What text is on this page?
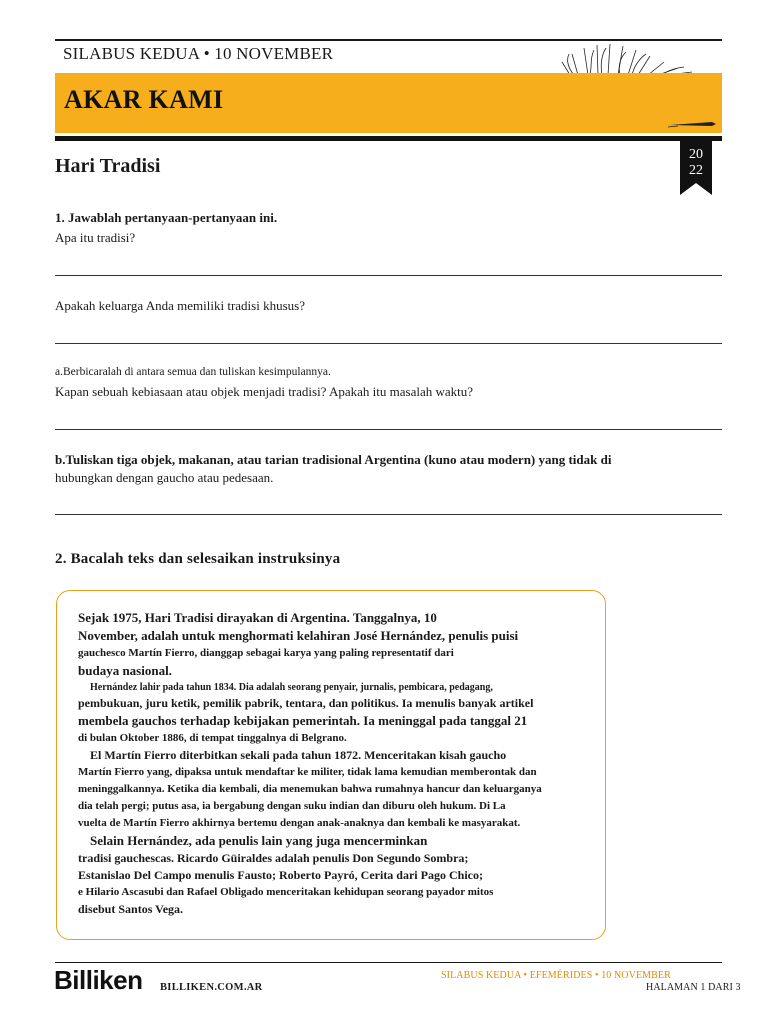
SILABUS KEDUA • 10 NOVEMBER
AKAR KAMI
20
22
Hari Tradisi
1. Jawablah pertanyaan-pertanyaan ini.
Apa itu tradisi?
Apakah keluarga Anda memiliki tradisi khusus?
a.Berbicaralah di antara semua dan tuliskan kesimpulannya.
Kapan sebuah kebiasaan atau objek menjadi tradisi? Apakah itu masalah waktu?
b.Tuliskan tiga objek, makanan, atau tarian tradisional Argentina (kuno atau modern) yang tidak di
hubungkan dengan gaucho atau pedesaan.
2. Bacalah teks dan selesaikan instruksinya
Sejak 1975, Hari Tradisi dirayakan di Argentina. Tanggalnya, 10
November, adalah untuk menghormati kelahiran José Hernández, penulis puisi
gauchesco Martín Fierro, dianggap sebagai karya yang paling representatif dari
budaya nasional.
Hernández lahir pada tahun 1834. Dia adalah seorang penyair, jurnalis, pembicara, pedagang,
pembukuan, juru ketik, pemilik pabrik, tentara, dan politikus. Ia menulis banyak artikel
membela gauchos terhadap kebijakan pemerintah. Ia meninggal pada tanggal 21
di bulan Oktober 1886, di tempat tinggalnya di Belgrano.
El Martín Fierro diterbitkan sekali pada tahun 1872. Menceritakan kisah gaucho
Martín Fierro yang, dipaksa untuk mendaftar ke militer, tidak lama kemudian memberontak dan
meninggalkannya. Ketika dia kembali, dia menemukan bahwa rumahnya hancur dan keluarganya
dia telah pergi; putus asa, ia bergabung dengan suku indian dan diburu oleh hukum. Di La
vuelta de Martín Fierro akhirnya bertemu dengan anak-anaknya dan kembali ke masyarakat.
Selain Hernández, ada penulis lain yang juga mencerminkan
tradisi gauchescas. Ricardo Güiraldes adalah penulis Don Segundo Sombra;
Estanislao Del Campo menulis Fausto; Roberto Payró, Cerita dari Pago Chico;
e Hilario Ascasubi dan Rafael Obligado menceritakan kehidupan seorang payador mitos
disebut Santos Vega.
Billiken BILLIKEN.COM.AR
SILABUS KEDUA • EFEMÉRIDES • 10 NOVEMBER
HALAMAN 1 DARI 3
